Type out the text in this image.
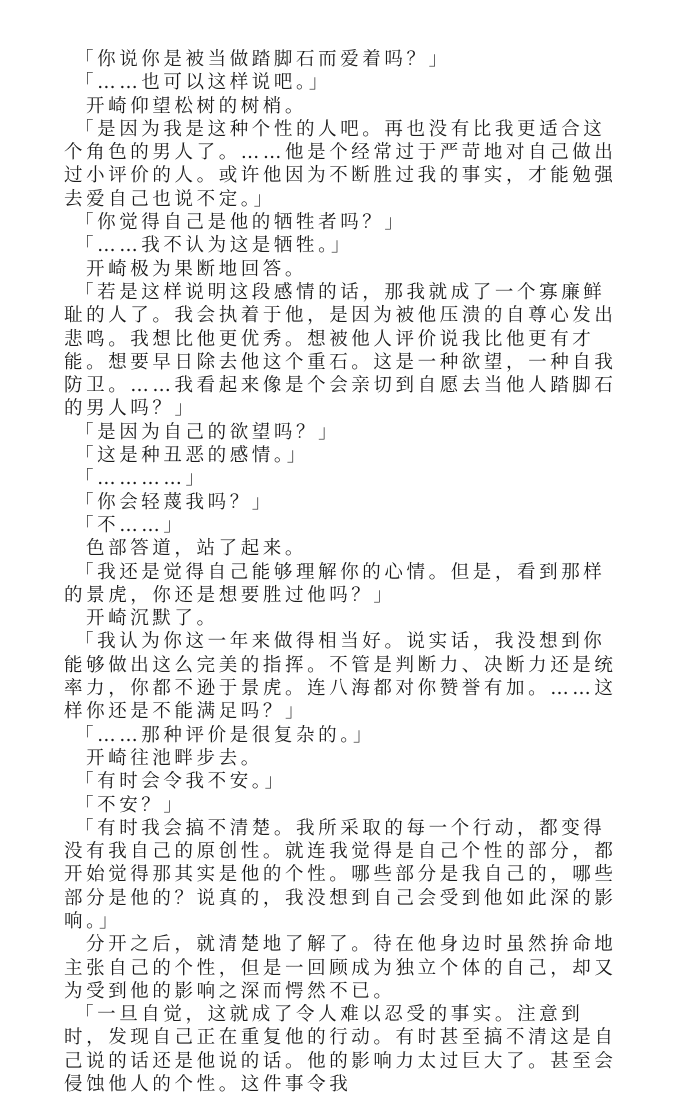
「你说你是被当做踏脚石而爱着吗？」

「……也可以这样说吧。」

开崎仰望松树的树梢。

「是因为我是这种个性的人吧。再也没有比我更适合这个角色的男人了。……他是个经常过于严苛地对自己做出过小评价的人。或许他因为不断胜过我的事实，才能勉强去爱自己也说不定。」

「你觉得自己是他的牺牲者吗？」

「……我不认为这是牺牲。」

开崎极为果断地回答。

「若是这样说明这段感情的话，那我就成了一个寡廉鲜耻的人了。我会执着于他，是因为被他压溃的自尊心发出悲鸣。我想比他更优秀。想被他人评价说我比他更有才能。想要早日除去他这个重石。这是一种欲望，一种自我防卫。……我看起来像是个会亲切到自愿去当他人踏脚石的男人吗？」

「是因为自己的欲望吗？」

「这是种丑恶的感情。」

「…………」

「你会轻蔑我吗？」

「不……」

色部答道，站了起来。

「我还是觉得自己能够理解你的心情。但是，看到那样的景虎，你还是想要胜过他吗？」

开崎沉默了。

「我认为你这一年来做得相当好。说实话，我没想到你能够做出这么完美的指挥。不管是判断力、决断力还是统率力，你都不逊于景虎。连八海都对你赞誉有加。……这样你还是不能满足吗？」

「……那种评价是很复杂的。」

开崎往池畔步去。

「有时会令我不安。」

「不安？」

「有时我会搞不清楚。我所采取的每一个行动，都变得没有我自己的原创性。就连我觉得是自己个性的部分，都开始觉得那其实是他的个性。哪些部分是我自己的，哪些部分是他的？说真的，我没想到自己会受到他如此深的影响。」

分开之后，就清楚地了解了。待在他身边时虽然拚命地主张自己的个性，但是一回顾成为独立个体的自己，却又为受到他的影响之深而愕然不已。

「一旦自觉，这就成了令人难以忍受的事实。注意到时，发现自己正在重复他的行动。有时甚至搞不清这是自己说的话还是他说的话。他的影响力太过巨大了。甚至会侵蚀他人的个性。这件事令我
